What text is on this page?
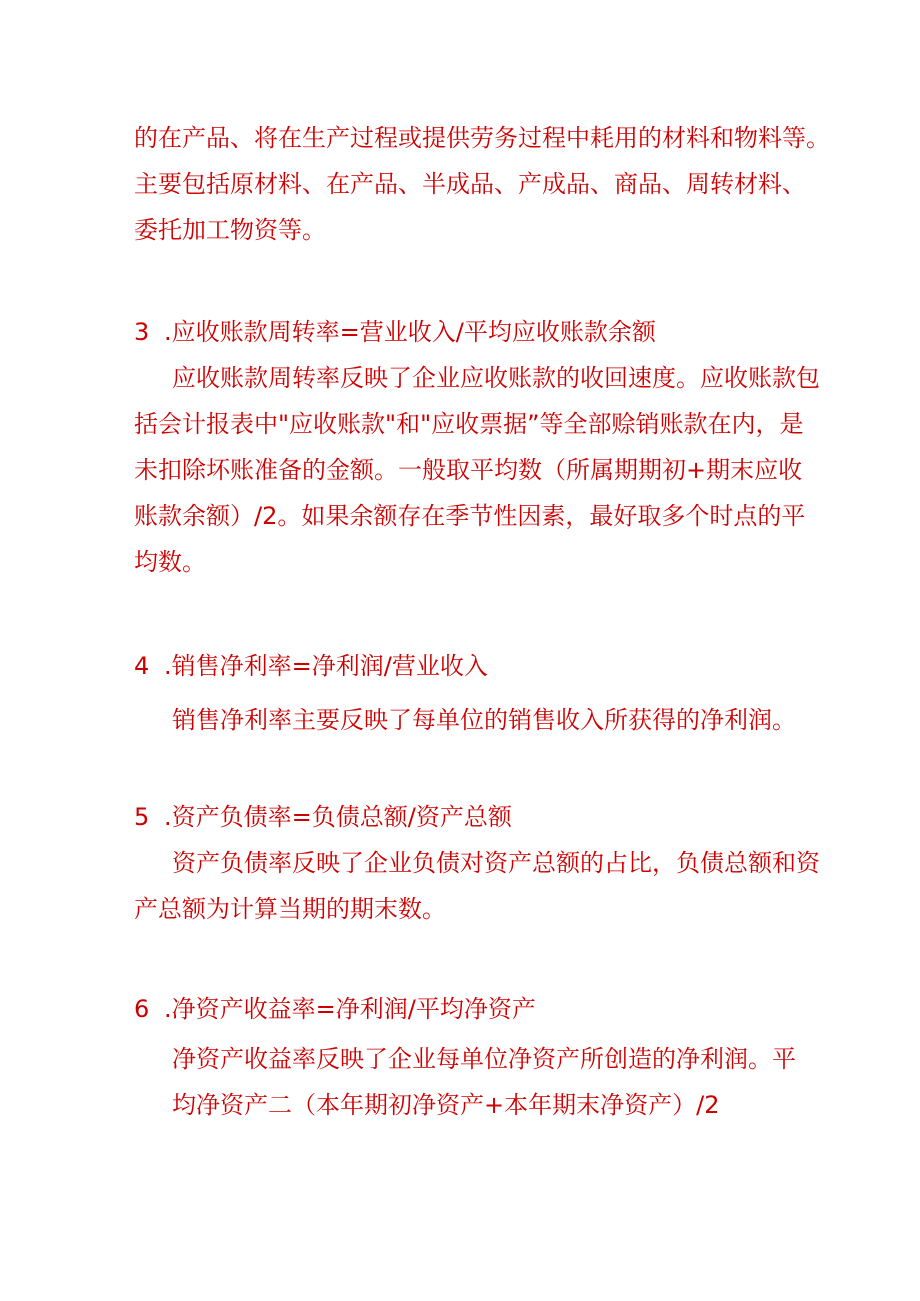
的在产品、将在生产过程或提供劳务过程中耗用的材料和物料等。
主要包括原材料、在产品、半成品、产成品、商品、周转材料、
委托加工物资等。
3 .应收账款周转率=营业收入/平均应收账款余额
应收账款周转率反映了企业应收账款的收回速度。应收账款包
括会计报表中"应收账款"和"应收票据”等全部赊销账款在内，是
未扣除坏账准备的金额。一般取平均数（所属期期初+期末应收
账款余额）/2。如果余额存在季节性因素，最好取多个时点的平
均数。
4 .销售净利率=净利润/营业收入
销售净利率主要反映了每单位的销售收入所获得的净利润。
5 .资产负债率=负债总额/资产总额
资产负债率反映了企业负债对资产总额的占比，负债总额和资
产总额为计算当期的期末数。
6 .净资产收益率=净利润/平均净资产
净资产收益率反映了企业每单位净资产所创造的净利润。平
均净资产二（本年期初净资产+本年期末净资产）/2
